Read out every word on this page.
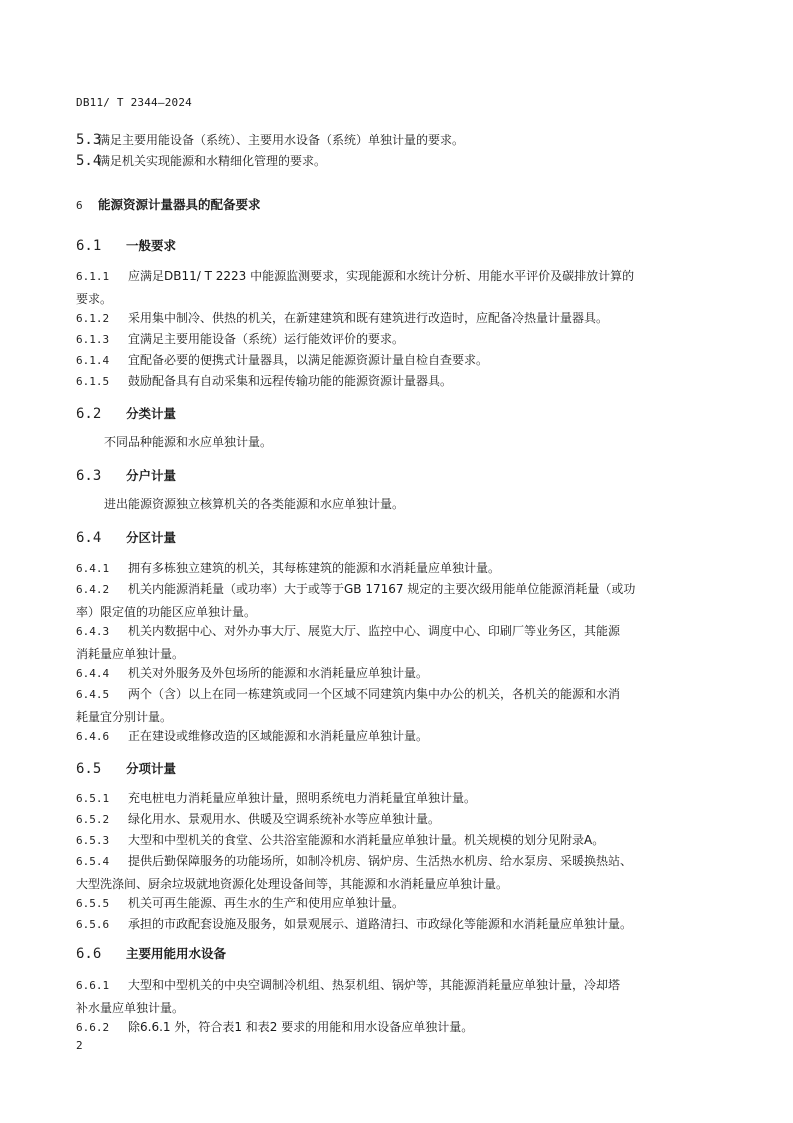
DB11/ T 2344—2024
5.3满足主要用能设备（系统）、主要用水设备（系统）单独计量的要求。
5.4满足机关实现能源和水精细化管理的要求。
6 能源资源计量器具的配备要求
6.1 一般要求
6.1.1 应满足DB11/ T 2223 中能源监测要求，实现能源和水统计分析、用能水平评价及碳排放计算的
要求。
6.1.2 采用集中制冷、供热的机关，在新建建筑和既有建筑进行改造时，应配备冷热量计量器具。
6.1.3 宜满足主要用能设备（系统）运行能效评价的要求。
6.1.4 宜配备必要的便携式计量器具，以满足能源资源计量自检自查要求。
6.1.5 鼓励配备具有自动采集和远程传输功能的能源资源计量器具。
6.2 分类计量
不同品种能源和水应单独计量。
6.3 分户计量
进出能源资源独立核算机关的各类能源和水应单独计量。
6.4 分区计量
6.4.1 拥有多栋独立建筑的机关，其每栋建筑的能源和水消耗量应单独计量。
6.4.2 机关内能源消耗量（或功率）大于或等于GB 17167 规定的主要次级用能单位能源消耗量（或功
率）限定值的功能区应单独计量。
6.4.3 机关内数据中心、对外办事大厅、展览大厅、监控中心、调度中心、印刷厂等业务区，其能源
消耗量应单独计量。
6.4.4 机关对外服务及外包场所的能源和水消耗量应单独计量。
6.4.5 两个（含）以上在同一栋建筑或同一个区域不同建筑内集中办公的机关，各机关的能源和水消
耗量宜分别计量。
6.4.6 正在建设或维修改造的区域能源和水消耗量应单独计量。
6.5 分项计量
6.5.1 充电桩电力消耗量应单独计量，照明系统电力消耗量宜单独计量。
6.5.2 绿化用水、景观用水、供暖及空调系统补水等应单独计量。
6.5.3 大型和中型机关的食堂、公共浴室能源和水消耗量应单独计量。机关规模的划分见附录A。
6.5.4 提供后勤保障服务的功能场所，如制冷机房、锅炉房、生活热水机房、给水泵房、采暖换热站、
大型洗涤间、厨余垃圾就地资源化处理设备间等，其能源和水消耗量应单独计量。
6.5.5 机关可再生能源、再生水的生产和使用应单独计量。
6.5.6 承担的市政配套设施及服务，如景观展示、道路清扫、市政绿化等能源和水消耗量应单独计量。
6.6 主要用能用水设备
6.6.1 大型和中型机关的中央空调制冷机组、热泵机组、锅炉等，其能源消耗量应单独计量，冷却塔
补水量应单独计量。
6.6.2 除6.6.1 外，符合表1 和表2 要求的用能和用水设备应单独计量。
2
